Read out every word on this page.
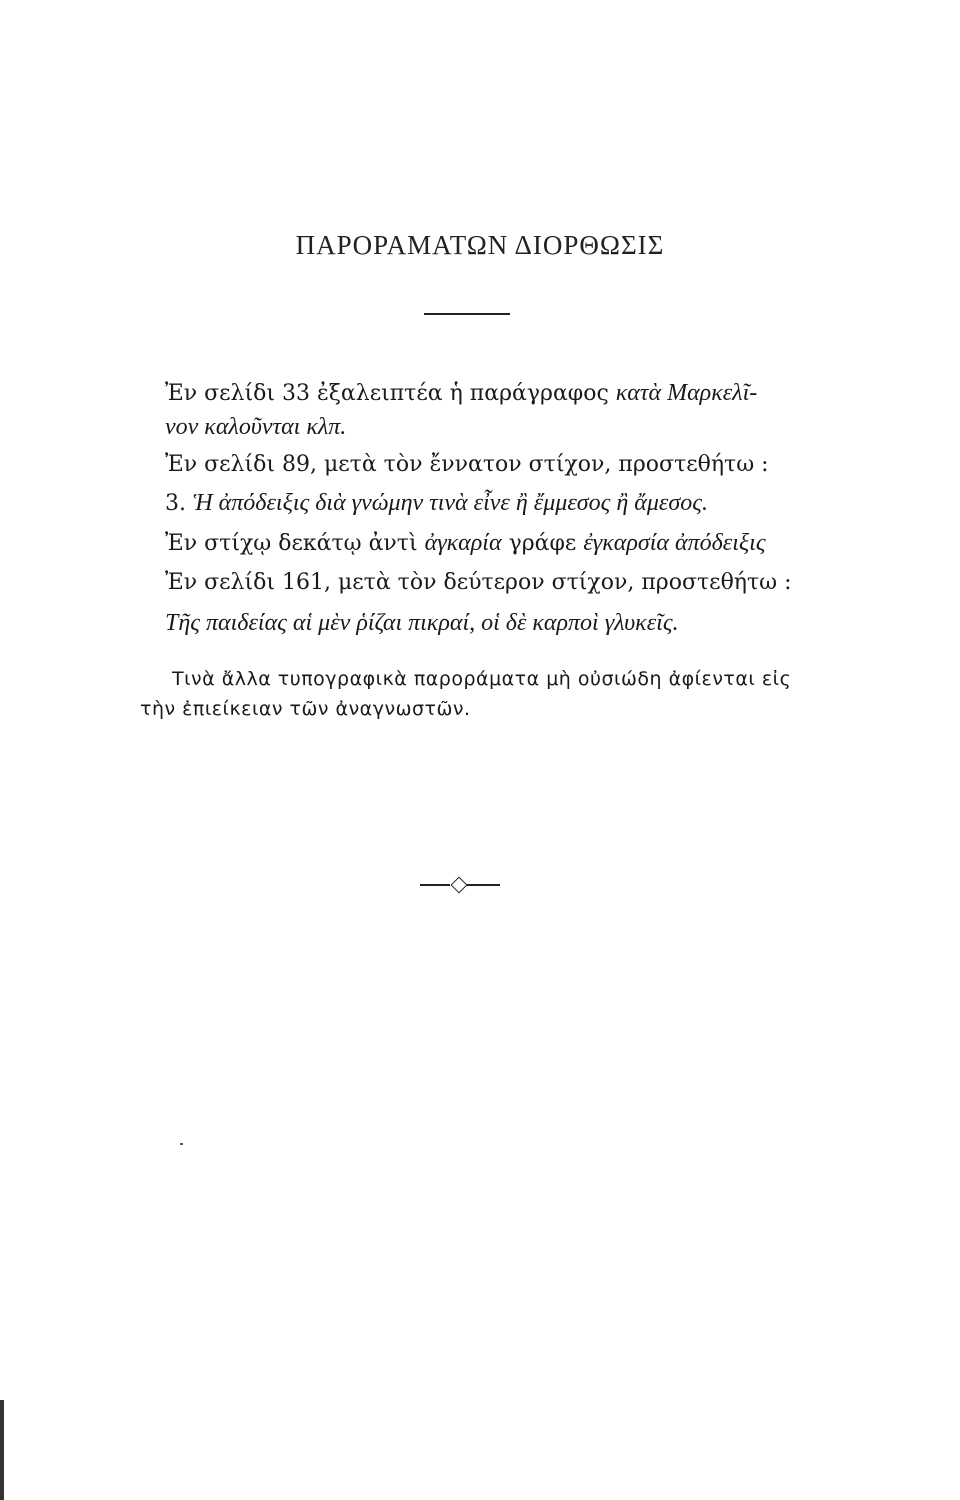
ΠΑΡΟΡΑΜΑΤΩΝ ΔΙΟΡΘΩΣΙΣ
Ἐν σελίδι 33 ἐξαλειπτέα ἡ παράγραφος κατὰ Μαρκελῖ-
νον καλοῦνται κλπ.
Ἐν σελίδι 89, μετὰ τὸν ἔννατον στίχον, προστεθήτω :
3. Ἡ ἀπόδειξις διὰ γνώμην τινὰ εἶνε ἢ ἔμμεσος ἢ ἄμεσος.
Ἐν στίχῳ δεκάτῳ ἀντὶ ἀγκαρία γράφε ἐγκαρσία ἀπόδειξις
Ἐν σελίδι 161, μετὰ τὸν δεύτερον στίχον, προστεθήτω :
Τῆς παιδείας αἱ μὲν ῥίζαι πικραί, οἱ δὲ καρποὶ γλυκεῖς.
Τινὰ ἄλλα τυπογραφικὰ παροράματα μὴ οὐσιώδη ἀφίενται εἰς
τὴν ἐπιείκειαν τῶν ἀναγνωστῶν.
